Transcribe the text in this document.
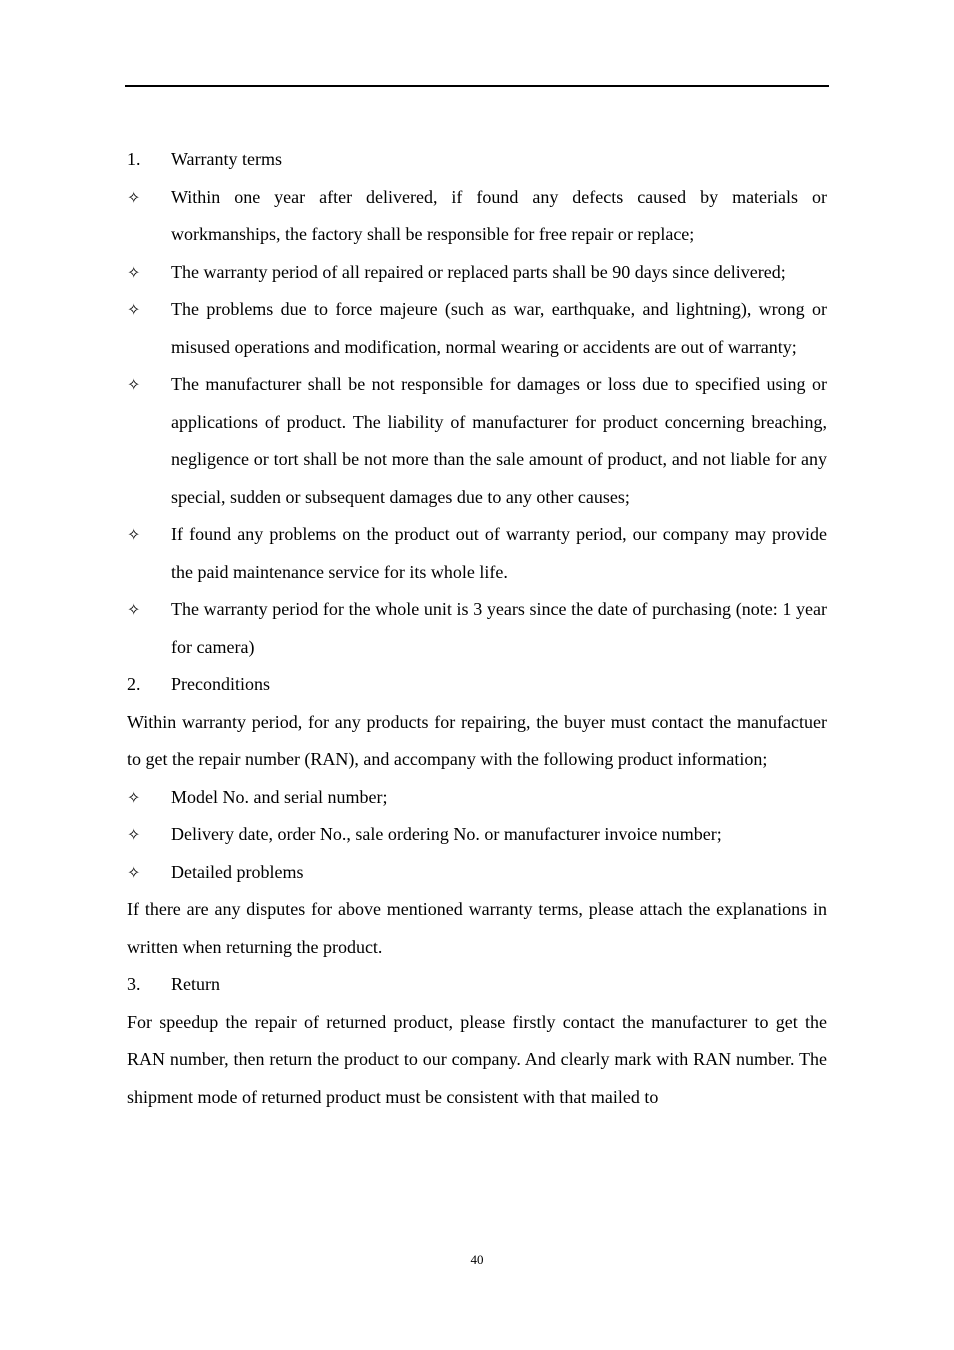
1.	Warranty terms
✧	Within one year after delivered, if found any defects caused by materials or workmanships, the factory shall be responsible for free repair or replace;
✧	The warranty period of all repaired or replaced parts shall be 90 days since delivered;
✧	The problems due to force majeure (such as war, earthquake, and lightning), wrong or misused operations and modification, normal wearing or accidents are out of warranty;
✧	The manufacturer shall be not responsible for damages or loss due to specified using or applications of product. The liability of manufacturer for product concerning breaching, negligence or tort shall be not more than the sale amount of product, and not liable for any special, sudden or subsequent damages due to any other causes;
✧	If found any problems on the product out of warranty period, our company may provide the paid maintenance service for its whole life.
✧	The warranty period for the whole unit is 3 years since the date of purchasing (note: 1 year for camera)
2.	Preconditions
Within warranty period, for any products for repairing, the buyer must contact the manufactuer to get the repair number (RAN), and accompany with the following product information;
✧	Model No. and serial number;
✧	Delivery date, order No., sale ordering No. or manufacturer invoice number;
✧	Detailed problems
If there are any disputes for above mentioned warranty terms, please attach the explanations in written when returning the product.
3.	Return
For speedup the repair of returned product, please firstly contact the manufacturer to get the RAN number, then return the product to our company. And clearly mark with RAN number. The shipment mode of returned product must be consistent with that mailed to
40
